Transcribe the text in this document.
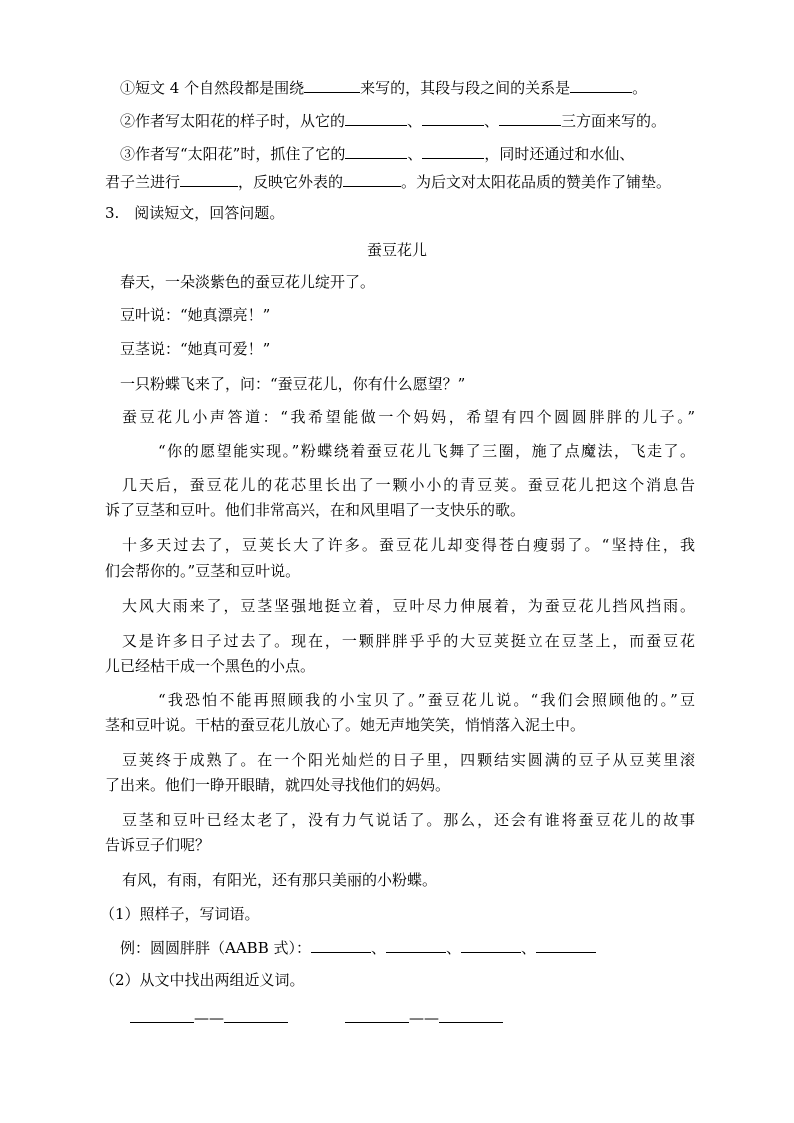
①短文 4 个自然段都是围绕	来写的，其段与段之间的关系是	。
②作者写太阳花的样子时，从它的	、	、	三方面来写的。
③作者写“太阳花”时，抓住了它的	、	，同时还通过和水仙、
君子兰进行	，反映它外表的	。为后文对太阳花品质的赞美作了铺垫。
3.　阅读短文，回答问题。
蚕豆花儿
春天，一朵淡紫色的蚕豆花儿绽开了。
豆叶说：“她真漂亮！”
豆茎说：“她真可爱！”
一只粉蝶飞来了，问：“蚕豆花儿，你有什么愿望？”
蚕豆花儿小声答道：“我希望能做一个妈妈，希望有四个圆圆胖胖的儿子。”
“你的愿望能实现。”粉蝶绕着蚕豆花儿飞舞了三圈，施了点魔法，飞走了。
几天后，蚕豆花儿的花芯里长出了一颗小小的青豆荚。蚕豆花儿把这个消息告
诉了豆茎和豆叶。他们非常高兴，在和风里唱了一支快乐的歌。
十多天过去了，豆荚长大了许多。蚕豆花儿却变得苍白瘦弱了。“坚持住，我
们会帮你的。”豆茎和豆叶说。
大风大雨来了，豆茎坚强地挺立着，豆叶尽力伸展着，为蚕豆花儿挡风挡雨。
又是许多日子过去了。现在，一颗胖胖乎乎的大豆荚挺立在豆茎上，而蚕豆花
儿已经枯干成一个黑色的小点。
“我恐怕不能再照顾我的小宝贝了。”蚕豆花儿说。“我们会照顾他的。”豆
茎和豆叶说。干枯的蚕豆花儿放心了。她无声地笑笑，悄悄落入泥土中。
豆荚终于成熟了。在一个阳光灿烂的日子里，四颗结实圆满的豆子从豆荚里滚
了出来。他们一睁开眼睛，就四处寻找他们的妈妈。
豆茎和豆叶已经太老了，没有力气说话了。那么，还会有谁将蚕豆花儿的故事
告诉豆子们呢？
有风，有雨，有阳光，还有那只美丽的小粉蝶。
（1）照样子，写词语。
例：圆圆胖胖（AABB 式）：	、	、	、
（2）从文中找出两组近义词。
——	——
